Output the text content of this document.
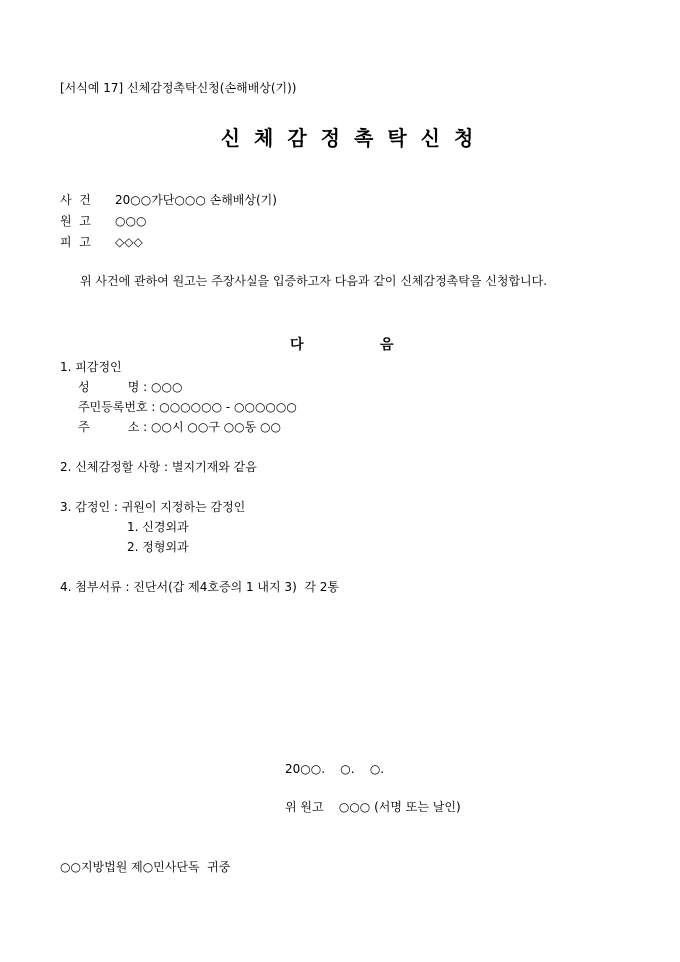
[서식예 17] 신체감정촉탁신청(손해배상(기))
신체감정촉탁신청
사  건 20○○가단○○○ 손해배상(기)
원  고 ○○○
피  고 ◇◇◇
위 사건에 관하여 원고는 주장사실을 입증하고자 다음과 같이 신체감정촉탁을 신청합니다.
다	음
1. 피감정인
성          명 : ○○○
주민등록번호 : ○○○○○○ - ○○○○○○
주          소 : ○○시 ○○구 ○○동 ○○
2. 신체감정할 사항 : 별지기재와 같음
3. 감정인 : 귀원이 지정하는 감정인
1. 신경외과
2. 정형외과
4. 첨부서류 : 진단서(갑 제4호증의 1 내지 3)  각 2통
20○○.    ○.    ○.
위 원고    ○○○ (서명 또는 날인)
○○지방법원 제○민사단독  귀중
